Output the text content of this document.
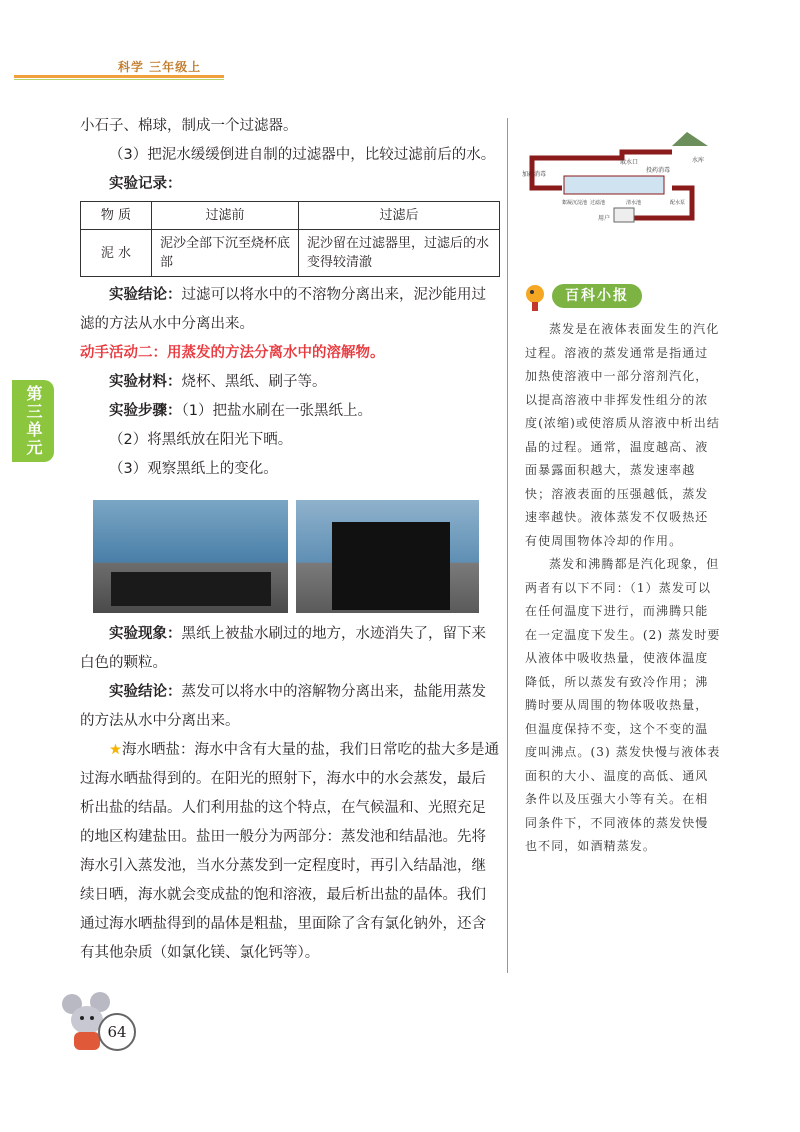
科学 三年级上
第三单元

小石子、棉球，制成一个过滤器。

（3）把泥水缓缓倒进自制的过滤器中，比较过滤前后的水。

实验记录：

物 质	过滤前	过滤后
泥 水	泥沙全部下沉至烧杯底部	泥沙留在过滤器里，过滤后的水变得较清澈

实验结论：过滤可以将水中的不溶物分离出来，泥沙能用过滤的方法从水中分离出来。

动手活动二：用蒸发的方法分离水中的溶解物。

实验材料：烧杯、黑纸、刷子等。

实验步骤：（1）把盐水刷在一张黑纸上。

（2）将黑纸放在阳光下晒。

（3）观察黑纸上的变化。

实验现象：黑纸上被盐水刷过的地方，水迹消失了，留下来白色的颗粒。

实验结论：蒸发可以将水中的溶解物分离出来，盐能用蒸发的方法从水中分离出来。

★海水晒盐：海水中含有大量的盐，我们日常吃的盐大多是通过海水晒盐得到的。在阳光的照射下，海水中的水会蒸发，最后析出盐的结晶。人们利用盐的这个特点，在气候温和、光照充足的地区构建盐田。盐田一般分为两部分：蒸发池和结晶池。先将海水引入蒸发池，当水分蒸发到一定程度时，再引入结晶池，继续日晒，海水就会变成盐的饱和溶液，最后析出盐的晶体。我们通过海水晒盐得到的晶体是粗盐，里面除了含有氯化钠外，还含有其他杂质（如氯化镁、氯化钙等）。

加药消毒
取水口	水库
投药消毒
絮凝沉淀池 过滤池	清水池	配水泵
用户
百科小报

蒸发是在液体表面发生的汽化过程。溶液的蒸发通常是指通过加热使溶液中一部分溶剂汽化，以提高溶液中非挥发性组分的浓度(浓缩)或使溶质从溶液中析出结晶的过程。通常，温度越高、液面暴露面积越大，蒸发速率越快；溶液表面的压强越低，蒸发速率越快。液体蒸发不仅吸热还有使周围物体冷却的作用。

蒸发和沸腾都是汽化现象，但两者有以下不同：（1）蒸发可以在任何温度下进行，而沸腾只能在一定温度下发生。(2) 蒸发时要从液体中吸收热量，使液体温度降低，所以蒸发有致冷作用；沸腾时要从周围的物体吸收热量，但温度保持不变，这个不变的温度叫沸点。(3) 蒸发快慢与液体表面积的大小、温度的高低、通风条件以及压强大小等有关。在相同条件下，不同液体的蒸发快慢也不同，如酒精蒸发。

64
